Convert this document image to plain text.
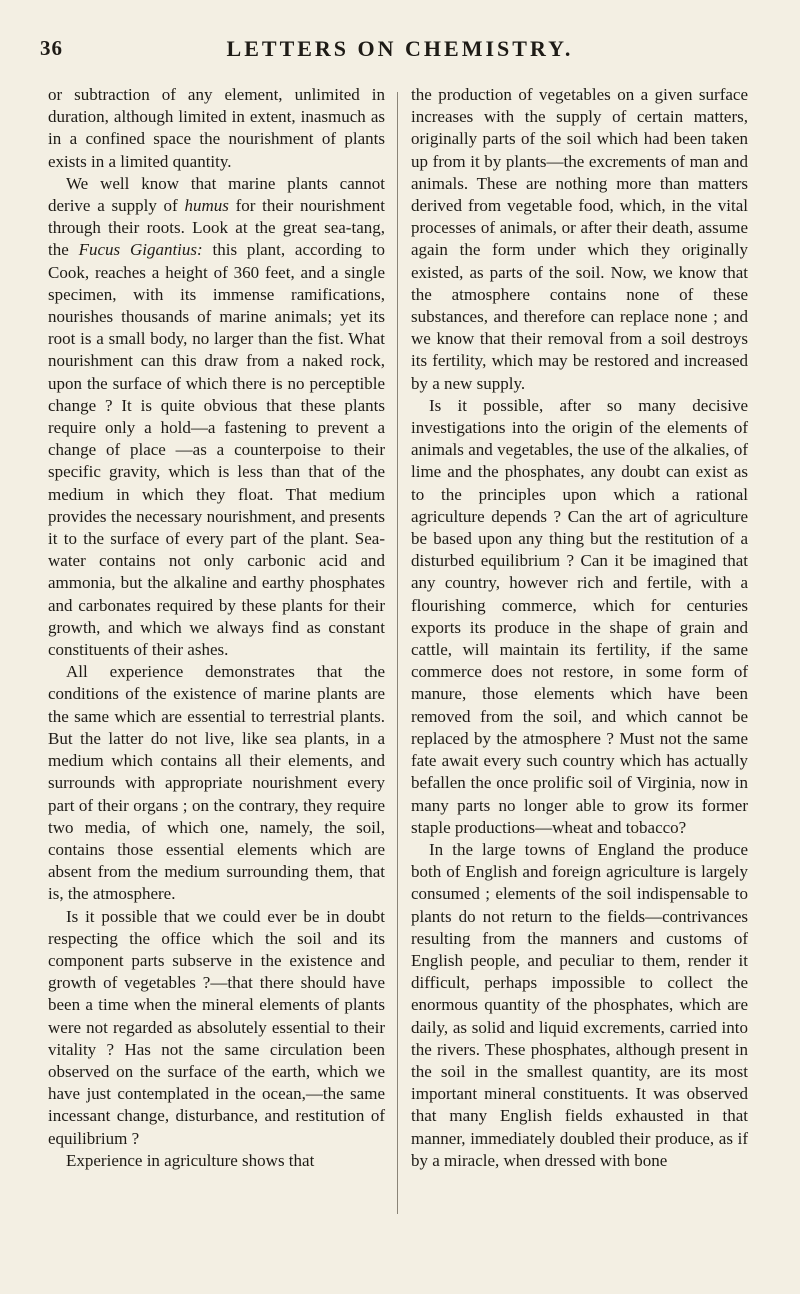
36	LETTERS ON CHEMISTRY.

or subtraction of any element, unlimited in duration, although limited in extent, inasmuch as in a confined space the nourishment of plants exists in a limited quantity.

We well know that marine plants cannot derive a supply of humus for their nourishment through their roots. Look at the great sea-tang, the Fucus Gigantius: this plant, according to Cook, reaches a height of 360 feet, and a single specimen, with its immense ramifications, nourishes thousands of marine animals; yet its root is a small body, no larger than the fist. What nourishment can this draw from a naked rock, upon the surface of which there is no perceptible change ? It is quite obvious that these plants require only a hold—a fastening to prevent a change of place —as a counterpoise to their specific gravity, which is less than that of the medium in which they float. That medium provides the necessary nourishment, and presents it to the surface of every part of the plant. Sea-water contains not only carbonic acid and ammonia, but the alkaline and earthy phosphates and carbonates required by these plants for their growth, and which we always find as constant constituents of their ashes.

All experience demonstrates that the conditions of the existence of marine plants are the same which are essential to terrestrial plants. But the latter do not live, like sea plants, in a medium which contains all their elements, and surrounds with appropriate nourishment every part of their organs ; on the contrary, they require two media, of which one, namely, the soil, contains those essential elements which are absent from the medium surrounding them, that is, the atmosphere.

Is it possible that we could ever be in doubt respecting the office which the soil and its component parts subserve in the existence and growth of vegetables ?—that there should have been a time when the mineral elements of plants were not regarded as absolutely essential to their vitality ? Has not the same circulation been observed on the surface of the earth, which we have just contemplated in the ocean,—the same incessant change, disturbance, and restitution of equilibrium ?

Experience in agriculture shows that

the production of vegetables on a given surface increases with the supply of certain matters, originally parts of the soil which had been taken up from it by plants—the excrements of man and animals. These are nothing more than matters derived from vegetable food, which, in the vital processes of animals, or after their death, assume again the form under which they originally existed, as parts of the soil. Now, we know that the atmosphere contains none of these substances, and therefore can replace none ; and we know that their removal from a soil destroys its fertility, which may be restored and increased by a new supply.

Is it possible, after so many decisive investigations into the origin of the elements of animals and vegetables, the use of the alkalies, of lime and the phosphates, any doubt can exist as to the principles upon which a rational agriculture depends ? Can the art of agriculture be based upon any thing but the restitution of a disturbed equilibrium ? Can it be imagined that any country, however rich and fertile, with a flourishing commerce, which for centuries exports its produce in the shape of grain and cattle, will maintain its fertility, if the same commerce does not restore, in some form of manure, those elements which have been removed from the soil, and which cannot be replaced by the atmosphere ? Must not the same fate await every such country which has actually befallen the once prolific soil of Virginia, now in many parts no longer able to grow its former staple productions—wheat and tobacco?

In the large towns of England the produce both of English and foreign agriculture is largely consumed ; elements of the soil indispensable to plants do not return to the fields—contrivances resulting from the manners and customs of English people, and peculiar to them, render it difficult, perhaps impossible to collect the enormous quantity of the phosphates, which are daily, as solid and liquid excrements, carried into the rivers. These phosphates, although present in the soil in the smallest quantity, are its most important mineral constituents. It was observed that many English fields exhausted in that manner, immediately doubled their produce, as if by a miracle, when dressed with bone
